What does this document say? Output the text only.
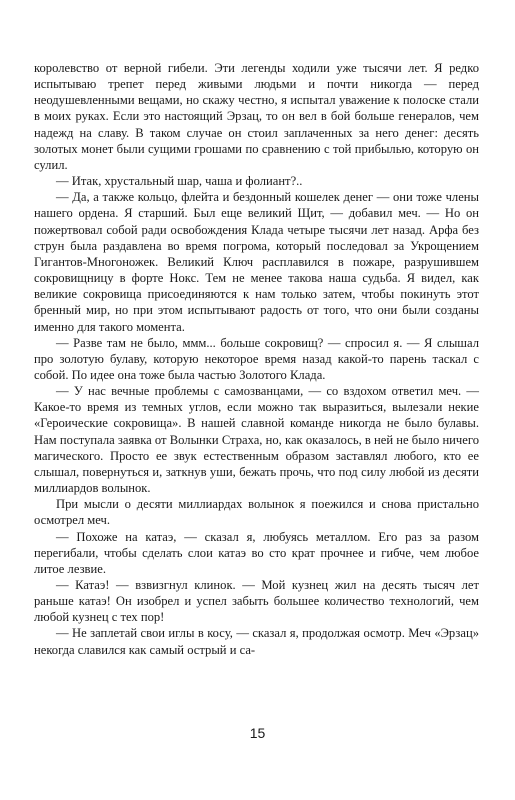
королевство от верной гибели. Эти легенды ходили уже тысячи лет. Я редко испытываю трепет перед живыми людьми и почти никогда — перед неодушевленными вещами, но скажу честно, я испытал уважение к полоске стали в моих руках. Если это настоящий Эрзац, то он вел в бой больше генералов, чем надежд на славу. В таком случае он стоил заплаченных за него денег: десять золотых монет были сущими грошами по сравнению с той прибылью, которую он сулил.

— Итак, хрустальный шар, чаша и фолиант?..

— Да, а также кольцо, флейта и бездонный кошелек денег — они тоже члены нашего ордена. Я старший. Был еще великий Щит, — добавил меч. — Но он пожертвовал собой ради освобождения Клада четыре тысячи лет назад. Арфа без струн была раздавлена во время погрома, который последовал за Укрощением Гигантов-Многоножек. Великий Ключ расплавился в пожаре, разрушившем сокровищницу в форте Нокс. Тем не менее такова наша судьба. Я видел, как великие сокровища присоединяются к нам только затем, чтобы покинуть этот бренный мир, но при этом испытывают радость от того, что они были созданы именно для такого момента.

— Разве там не было, ммм... больше сокровищ? — спросил я. — Я слышал про золотую булаву, которую некоторое время назад какой-то парень таскал с собой. По идее она тоже была частью Золотого Клада.

— У нас вечные проблемы с самозванцами, — со вздохом ответил меч. — Какое-то время из темных углов, если можно так выразиться, вылезали некие «Героические сокровища». В нашей славной команде никогда не было булавы. Нам поступала заявка от Волынки Страха, но, как оказалось, в ней не было ничего магического. Просто ее звук естественным образом заставлял любого, кто ее слышал, повернуться и, заткнув уши, бежать прочь, что под силу любой из десяти миллиардов волынок.

При мысли о десяти миллиардах волынок я поежился и снова пристально осмотрел меч.

— Похоже на катаэ, — сказал я, любуясь металлом. Его раз за разом перегибали, чтобы сделать слои катаэ во сто крат прочнее и гибче, чем любое литое лезвие.

— Катаэ! — взвизгнул клинок. — Мой кузнец жил на десять тысяч лет раньше катаэ! Он изобрел и успел забыть большее количество технологий, чем любой кузнец с тех пор!

— Не заплетай свои иглы в косу, — сказал я, продолжая осмотр. Меч «Эрзац» некогда славился как самый острый и са-

15
